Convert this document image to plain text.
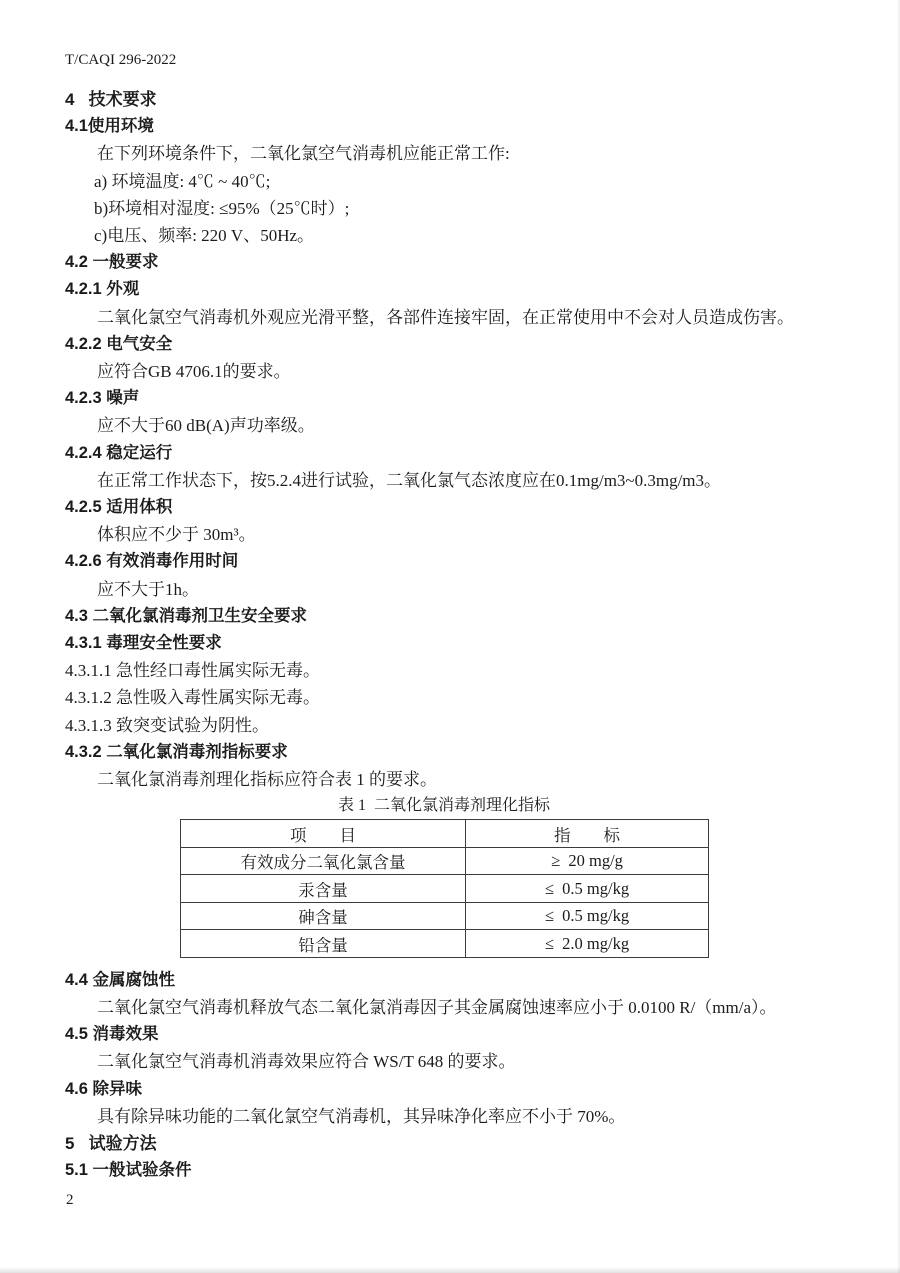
T/CAQI 296-2022
4   技术要求
4.1使用环境
在下列环境条件下，二氧化氯空气消毒机应能正常工作:
a) 环境温度: 4℃ ~ 40℃;
b)环境相对湿度: ≤95%（25℃时）;
c)电压、频率: 220 V、50Hz。
4.2 一般要求
4.2.1 外观
二氧化氯空气消毒机外观应光滑平整，各部件连接牢固，在正常使用中不会对人员造成伤害。
4.2.2 电气安全
应符合GB 4706.1的要求。
4.2.3 噪声
应不大于60 dB(A)声功率级。
4.2.4 稳定运行
在正常工作状态下，按5.2.4进行试验，二氧化氯气态浓度应在0.1mg/m3~0.3mg/m3。
4.2.5 适用体积
体积应不少于 30m³。
4.2.6 有效消毒作用时间
应不大于1h。
4.3 二氧化氯消毒剂卫生安全要求
4.3.1 毒理安全性要求
4.3.1.1 急性经口毒性属实际无毒。
4.3.1.2 急性吸入毒性属实际无毒。
4.3.1.3 致突变试验为阴性。
4.3.2 二氧化氯消毒剂指标要求
二氧化氯消毒剂理化指标应符合表 1 的要求。
表 1  二氧化氯消毒剂理化指标
项　　目	指　　标
有效成分二氧化氯含量	≥  20 mg/g
汞含量	≤  0.5 mg/kg
砷含量	≤  0.5 mg/kg
铅含量	≤  2.0 mg/kg
4.4 金属腐蚀性
二氧化氯空气消毒机释放气态二氧化氯消毒因子其金属腐蚀速率应小于 0.0100 R/（mm/a）。
4.5 消毒效果
二氧化氯空气消毒机消毒效果应符合 WS/T 648 的要求。
4.6 除异味
具有除异味功能的二氧化氯空气消毒机，其异味净化率应不小于 70%。
5   试验方法
5.1 一般试验条件
2
